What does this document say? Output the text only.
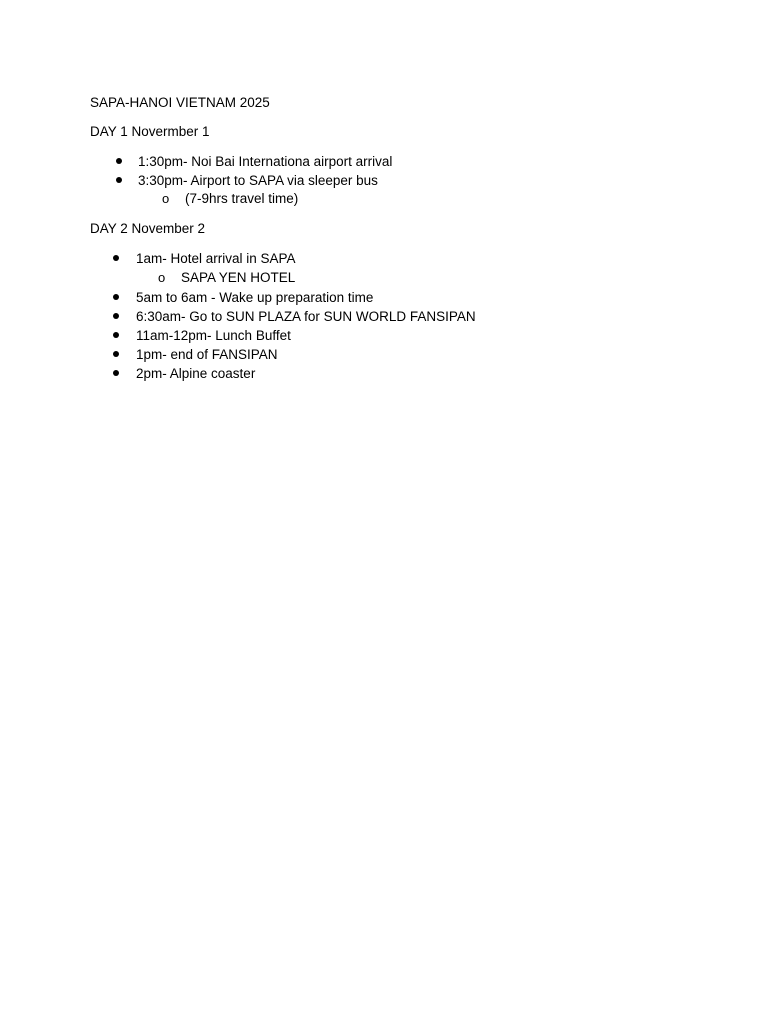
SAPA-HANOI VIETNAM 2025
DAY 1 Novermber 1
1:30pm- Noi Bai Internationa airport arrival
3:30pm- Airport to SAPA via sleeper bus
o (7-9hrs travel time)
DAY 2 November 2
1am- Hotel arrival in SAPA
o SAPA YEN HOTEL
5am to 6am - Wake up preparation time
6:30am- Go to SUN PLAZA for SUN WORLD FANSIPAN
11am-12pm- Lunch Buffet
1pm- end of FANSIPAN
2pm- Alpine coaster
